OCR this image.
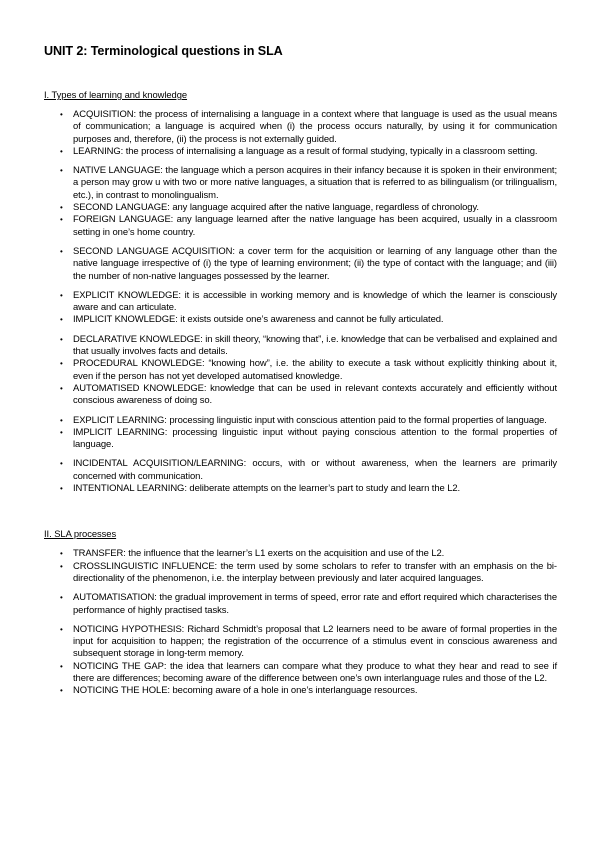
UNIT 2: Terminological questions in SLA
I. Types of learning and knowledge
• ACQUISITION: the process of internalising a language in a context where that language is used as the usual means of communication; a language is acquired when (i) the process occurs naturally, by using it for communication purposes and, therefore, (ii) the process is not externally guided.
• LEARNING: the process of internalising a language as a result of formal studying, typically in a classroom setting.
• NATIVE LANGUAGE: the language which a person acquires in their infancy because it is spoken in their environment; a person may grow u with two or more native languages, a situation that is referred to as bilingualism (or trilingualism, etc.), in contrast to monolingualism.
• SECOND LANGUAGE: any language acquired after the native language, regardless of chronology.
• FOREIGN LANGUAGE: any language learned after the native language has been acquired, usually in a classroom setting in one’s home country.
• SECOND LANGUAGE ACQUISITION: a cover term for the acquisition or learning of any language other than the native language irrespective of (i) the type of learning environment; (ii) the type of contact with the language; and (iii) the number of non-native languages possessed by the learner.
• EXPLICIT KNOWLEDGE: it is accessible in working memory and is knowledge of which the learner is consciously aware and can articulate.
• IMPLICIT KNOWLEDGE: it exists outside one’s awareness and cannot be fully articulated.
• DECLARATIVE KNOWLEDGE: in skill theory, “knowing that”, i.e. knowledge that can be verbalised and explained and that usually involves facts and details.
• PROCEDURAL KNOWLEDGE: “knowing how”, i.e. the ability to execute a task without explicitly thinking about it, even if the person has not yet developed automatised knowledge.
• AUTOMATISED KNOWLEDGE: knowledge that can be used in relevant contexts accurately and efficiently without conscious awareness of doing so.
• EXPLICIT LEARNING: processing linguistic input with conscious attention paid to the formal properties of language.
• IMPLICIT LEARNING: processing linguistic input without paying conscious attention to the formal properties of language.
• INCIDENTAL ACQUISITION/LEARNING: occurs, with or without awareness, when the learners are primarily concerned with communication.
• INTENTIONAL LEARNING: deliberate attempts on the learner’s part to study and learn the L2.
II. SLA processes
• TRANSFER: the influence that the learner’s L1 exerts on the acquisition and use of the L2.
• CROSSLINGUISTIC INFLUENCE: the term used by some scholars to refer to transfer with an emphasis on the bi-directionality of the phenomenon, i.e. the interplay between previously and later acquired languages.
• AUTOMATISATION: the gradual improvement in terms of speed, error rate and effort required which characterises the performance of highly practised tasks.
• NOTICING HYPOTHESIS: Richard Schmidt’s proposal that L2 learners need to be aware of formal properties in the input for acquisition to happen; the registration of the occurrence of a stimulus event in conscious awareness and subsequent storage in long-term memory.
• NOTICING THE GAP: the idea that learners can compare what they produce to what they hear and read to see if there are differences; becoming aware of the difference between one’s own interlanguage rules and those of the L2.
• NOTICING THE HOLE: becoming aware of a hole in one’s interlanguage resources.
